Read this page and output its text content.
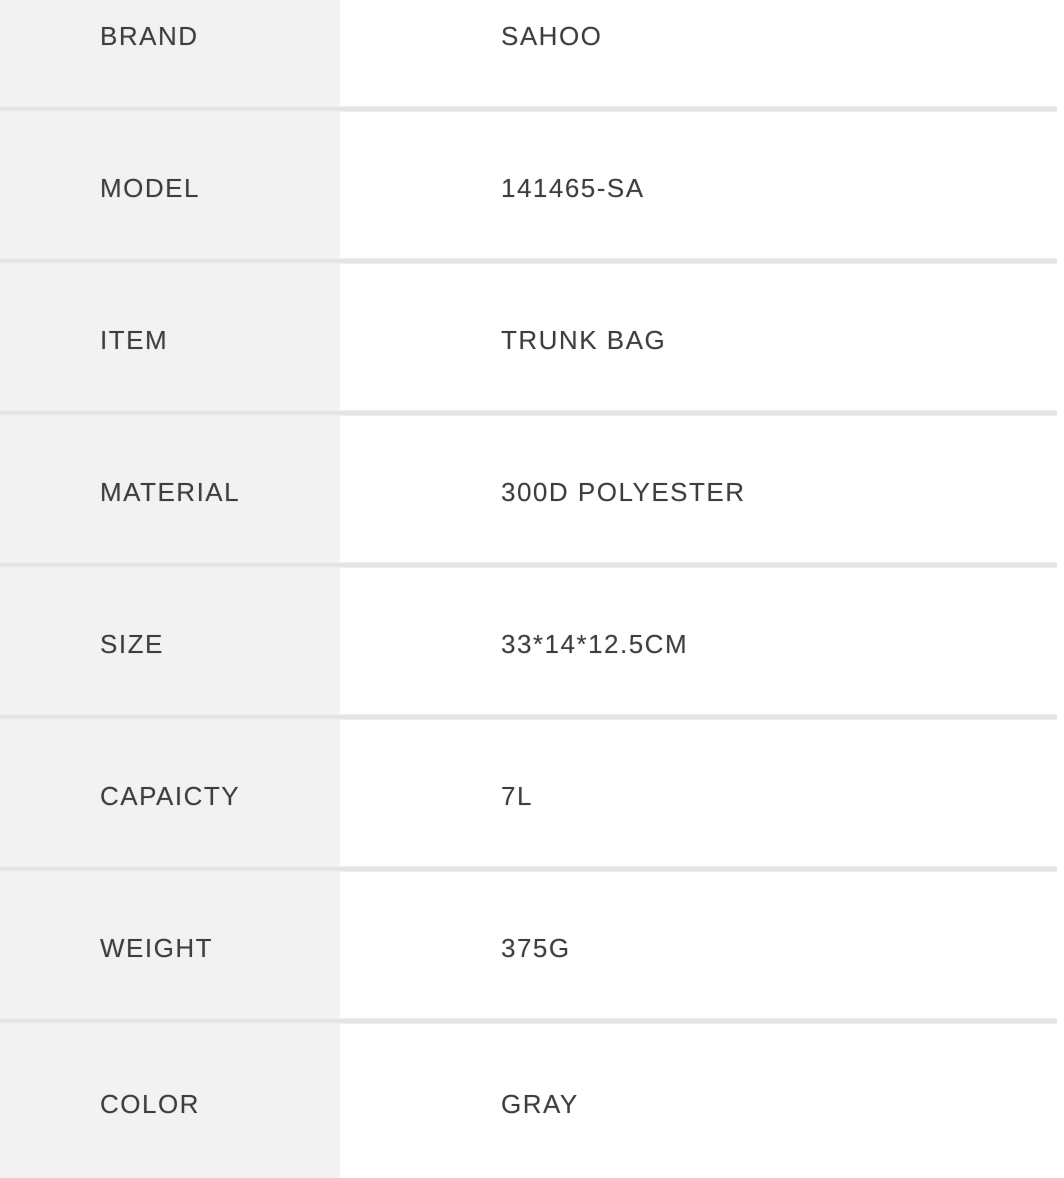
BRAND	SAHOO
MODEL	141465-SA
ITEM	TRUNK BAG
MATERIAL	300D POLYESTER
SIZE	33*14*12.5CM
CAPAICTY	7L
WEIGHT	375G
COLOR	GRAY
